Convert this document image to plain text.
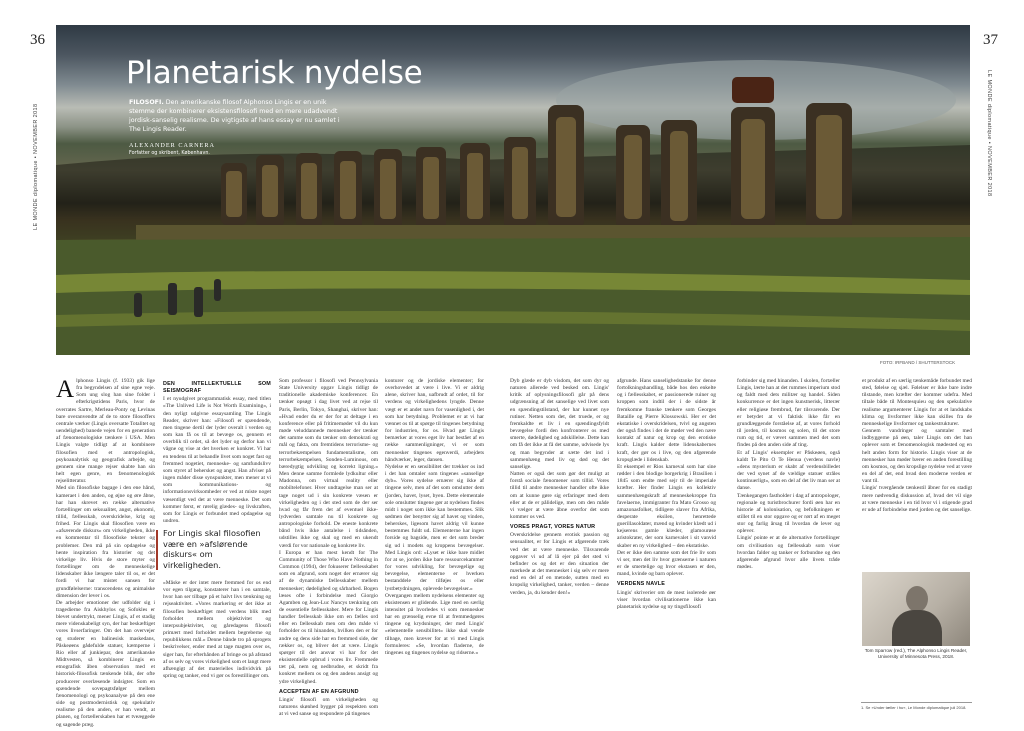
36	37
LE MONDE diplomatique • NOVEMBER 2018	LE MONDE diplomatique • NOVEMBER 2018
Planetarisk nydelse
FILOSOFI. Den amerikanske filosof Alphonso Lingis er en unik stemme der kombinerer eksistensfilosofi med en mere udadvendt jordisk-sanselig realisme. De vigtigste af hans essay er nu samlet i The Lingis Reader.
ALEXANDER CARNERA
Forfatter og skribent, København.
FOTO: IRFBAND / SHUTTERSTOCK
A lphonso Lingis (f. 1933) gik lige fra begyndelsen af sine egne veje. Som ung slog han sine folder i efterkrigstidens Paris, hvor de overrates Sartre, Merleau-Ponty og Levinas bare overanvendte af de to store filosoffers centrale værker (Lingis oversatte Totalitet og uendelighed) banede vejen for en generation af fænomenologiske tænkere i USA. Men Lingis valgte tidligt af at kombinere filosofien med et antropologisk, psykoanalytisk og geografisk arbejde, og gennem sine mange rejser skabte han sin helt egen genre, en fænomenologisk rejselitteratur.
Med sin filosofiske bagage i den ene hånd, kameraet i den anden, og øjne og øre åbne, har han skrevet en række alternative fortællinger om seksualitet, angst, økonomi, tillid, fællesskab, overskridelse, krig og frihed. For Lingis skal filosofien være en »afsærende diskurs« om virkeligheden, ikke en kommentar til filosofiske tekster og problemer. Den må på sin opdagelse og hente inspiration fra historier og det virkelige liv. Hvis de store myter og fortællinger om de menneskelige lidenskaber ikke længere taler til os, er det fordi vi har mistet sansen for grundfølelserne: transcendens og animalske dimension der lever i os.
De arbejder emotioner der udfolder sig i tragedierne fra Aiskhylos og Sofokles er blevet undertrykt, mener Lingis, af et stadig mere videnskabeligt syn, der har beskæftiget vores livserfaringer. Om det han overvejer og studerer en balinesisk maskedans, Påskeøens gådefulde statuer, kæmperne i Rio eller af junkiepar, den amerikanske Midtvesten, så kombinerer Lingis en etnografisk åben observation med et historisk-filosofisk tænkende blik, der ofte producerer overlæsende indsigter. Som en spændende sovepagtsfølger mellem fænomenologi og psykoanalyse på den ene side og postmodernistisk og spekulativ realisme på den anden, er han vendt, at planen, og fortællerskaben har et tveæggede og sagende præg.

DEN INTELLEKTUELLE SOM SEISMOGRAF

I et nyudgivet programmatisk essay, med titlen »The Unlived Life is Not Worth Examining«, i den nyligt udgivne essaysamling The Lingis Reader, skriver han: »Filosofi er spændende, men tingene dertil der lyder overalt i verden og som kan få os til at bevæge os, gennem et overblik til ordet, så det lyder og derfor kan vi vågne og vise at det hverken er konkret. Vi har en tendens til at behandle livet som noget fast og fremmed nogetiet, menneske- og samfundslivv som styret af behersket og angst. Han afviser på ingen måder disse synspunkter, men mener at vi som kommunikations- og informationsvirksomheder er ved at miste noget væsentligt ved det at være menneske. Det som kommer først, er rørelig glædes- og livskraften, som for Lingis er forbundet med opdagelse og undren.

For Lingis skal filosofien være en »afslørende diskurs« om virkeligheden.

»Måske er der intet mere fremmed for os end vor egen tilgang, konstaterer han i en samtale, hvor han ser tilbage på et halvt livs tænkning og rejseaktivitet. »Vores markering er det ikke at filosofien beskæftiget med verdens blik med forholdet mellem objektivitet og interpsubjektivitet, og gåredagens filosofi primært med forholdet mellem begreberne og republikkens mål.« Denne bånde tro på sprogets beskrivelser, ender med at tage magten over os, siger han, for efterhånden af bringe os på afstand af os selv og vores virkelighed som et langt mere afhængigt af det materielles individvirk på spring og tanker, end vi gør os forestillinger om.

Som professor i filosofi ved Pennsylvania State University opgav Lingis tidligt de traditionelle akademiske konferencer. En tænker opsøgt i dag livet ved at rejse til Paris, Berlin, Tokyo, Shanghai, skriver han: »Hvad ender du er der for at deltage i en konference eller på fritimemøder vil du kun møde veluddannede mennesker der tænker det samme som du tænker om demokrati og mål og fakta, om fremtidens terrorisme- og terrorbekæmpelsen fundamentalisme, om terrorbekæmpelsen, Sonden-Luminous, om bæredygtig udvikling og korrekt ligning.« Men denne samme formlede lydkultur eller Madonna, om virtual reality eller mobiltelefoner. Hver undtagelse man ser at tage noget ud i sin konkrete væsen er virkeligheden og i det sted som de der ser hvad og får frem det af eventuel ikke-lydverden samtale nu til konkrete og antropologiske forhold. De eneste konkrete bånd hvis ikke antalelse i tidsånden, udstilles ikke og skal og med en ukendt værdi for vor nationale og konkrete liv.
I Europa er han mest kendt for The Community of Those Who Have Nothing in Common (1994), der fokuserer fællesskabet som en afgrund, som noget der ernærer sig af de dynamiske fællesskaber mellem mennesker; dødelighed og sårbarhed. Bogen læses ofte i forbindelse med Giorgio Agamben og Jean-Luc Nancys tænkning om de essentielle fællesskaber. Mere for Lingis handler fællesskab ikke om en fælles ord eller en fællesskab men om den måde vi forholder os til hinanden, hvilken den er for andre og dens side har en fremmed side, der rækker os, og bliver det at være. Lingis spørger til det ansvar vi har for det eksistentielle opbrud i vores liv. Fremmede tæt på, nem og nedbrudne, et skridt fra konkret mellem os og den andens ansigt og ydre virkelighed.

ACCEPTEN AF EN AFGRUND

Lingis' filosofi om virkeligheden og naturens skønhed bygger på respekten som at vi ved sanse og respondere på tingenes

konturer og de jordiske elementer; for overhovedet at være i live. Vi er aldrig alene, skriver han, uafbrudt af ordet, til for verdens og virkelighedens lyngde. Denne vægt er et andet navn for vasenlighed i, det som har betydning. Problemet er at vi har vænnet os til at spørge til tingenes betydning for industrien, for os. Hvad gør Lingis bemærker at vores eget liv har bestået af en række sammenligninger, vi er som mennesker tingenes egenverdi, arbejdets håndværker, leger, dansen.
Nydelse er en sensibilitet der trækker os ind i det han omtaler som tingenes »sanselige dyb«. Vores sydelse ernærer sig ikke af tingene selv, men af det som omslutter dem (jorden, havet, lyset, byen. Dette elementale sole omslutter tingene gør at nydelsen findes midt i noget som ikke kan bestemmes. Slik sødmen der benytter sig af havet og vinden, beherskes, ligesom havet aldrig vil kunne bestemmes fuldt ud. Elementerne har ingen forside og bagside, men er det som breder sig ud i modets og kroppens bevægelser. Med Lingis ord: »Lyset er ikke bare midlet for at se, jorden ikke bare ressourcekammer for vores udvikling, for bevægelige og bevægelse, elementerne er hverken bestanddele der tilføjes os eller lystbetydningen, oplevede bevægelser.«
Overgangen mellem nydelsens elementer og eksistensen er glidende. Lige med en særlig intensitet på hvorledes vi som mennesker har en grænselig evne til at fremmedgøres tingene og krydsninger, der med Lingis' »elementelle sensibilitet« ikke skal vende tilbage, men kræver for at vi med Lingis formuleres: »Se, hvordan fladerne, de tingenes og tingenes nydelse og ridserne.«

Dyb glæde er dyb visdom, det som dyr og naturen allerede ved besked om. Lingis' kritik af oplysningsfilosofi går på dens udgrænsning af det sanselige ved livet som en spændingstilstand, der har kunnet nye rutiner. Netten som det, det truede, er og fremkaldte et liv i en spændingsfyldt bevægelse fordi den konfronterer os med smerte, dødelighed og adskillelse. Dette kan om få det ikke at få det samme, udvisede lys og man begynder at sætte det ind i sammenhæng med liv og død og det sanselige.
Natten er også det som gør det muligt at forstå sociale fænomener som tillid. Vores tillid til andre mennesker handler ofte ikke om at kunne gøre sig erfaringer med dem eller at de er pålidelige, men om den måde vi vælger at være åbne overfor det som kommer os ved.

VORES PRAGT, VORES NATUR

Overskridelse gennem erotisk passion og sensualitet, er for Lingis et afgørende træk ved det at være menneske. Tilsvarende opgaver vi ud af lå ejer på det sted vi befinder os og det er den situation der mærkede at det mennesket i sig selv er mere end en del af en metode, sutten med en kropslig virkelighed, tanker, verden – denne verden, ja, du kender den!«

afgrunde. Hans sanselighedstanke for denne fortolkningshandling, både hos den enkelte og i fællesskabet, er passionerede ruiner og kroppen som indtil der i de sidste år fremkomne franske tænkere som Georges Bataille og Pierre Klossowski. Her er det ekstatiske i overskridelsen, tvivl og angsten der også findes i det de møder ved den nære kontakt af natur og krop og den erotiske kraft. Lingis kalder dette lidenskabernes kraft, der gør os i live, og den afgørende kropsglæde i lidenskab.
Et eksempel er Rios karneval som har sine rødder i den blodige borgerkrig i Brasilien i 1845 som endte med sejr til de imperiale kræfter. Her finder Lingis en kollektiv sammenhængskraft af menneskekroppe fra favelaerne, immigranter fra Mato Grosso og amazonasfolket, tidligere slaver fra Afrika, desperate eksilen, henrettede guerillasoldater, mænd og kvinder klædt ud i kejserens gamle klæder, glamourøse aristokrater, der som karnevalet i sit vanvid skaber en ny virkelighed – den ekstatiske.
Det er ikke den samme som det frie liv som vi ser, men det liv hvor grænserne i naturen er de smertelige og hvor ekstasen er den, mand, kvinde og barn oplever.

VERDENS NAVLE

Lingis' skriverier om de mest isolerede øer viser hvordan civilisationerne ikke kan planetarisk nydelse og ny tingsfilosofi

forbinder sig med hinanden. I skolen, fortæller Lingis, lærte han at det rummes imperium stod og faldt med dets militær og handel. Siden konkurrence er det ingen kunstnerisk, litterær eller religiøse frembrud, før tilsvarende. Der er betydet at vi faktisk ikke får en grundlæggende forståelse af, at vores forhold til jorden, til kosmos og solen, til det store rum og tid, er vævet sammen med det som findes på den anden side af ting.
Et af Lingis' eksempler er Påskeøen, også kaldt Te Pito O Te Henua (verdens navle) »dens mysterium er skabt af verdensbilledet der ved synet af de vældige statuer stråles kontinuerligt«, som en del af det liv man ser at danse.
Tænkegangen fastholder i dag af antropologer, regionale og turistbrochurer fordi øen har en historie af kolonisation, og befolkningen er stillet til en stor opgave og er rørt af en meget stor og farlig årsag til hvordan de lever og oplever.
Lingis' pointe er at de alternative fortællinger om civilisation og fællesskab som viser hvordan falder og tanker er forbundne og den afgørende afgrund hvor alle livets tråde mødes.

et produkt af en særlig tænkemåde forbundet med sted, følelse og sjæl. Følelser er ikke bare indre tilstande, men kræfter der kommer udefra. Med tiltale både til Montesquieu og den spekulative realisme argumenterer Lingis for at et landskabs klima og livsformer ikke kan skilles fra de menneskelige livsformer og tankestrukturer.
Gennem vandringer og samtaler med indbyggerne på øen, taler Lingis om det han oplever som et fænomenologisk mødested og en helt anden form for historie. Lingis viser at de mennesker han møder bærer en anden forestilling om kosmos, og den kropslige nydelse ved at være en del af det, end hvad den moderne verden er vant til.
Lingis' tværgående tænkestil åbner for en stadigt mere nødvendig diskussion af, hvad det vil sige at være menneske i en tid hvor vi i stigende grad er ude af forbindelse med jorden og det sanselige.

Tom Sparrow (red.), The Alphonso Lingis Reader, University of Minnesota Press, 2018.
1. Se »Under tæller i hu«, Le Monde diplomatique juli 2018.
